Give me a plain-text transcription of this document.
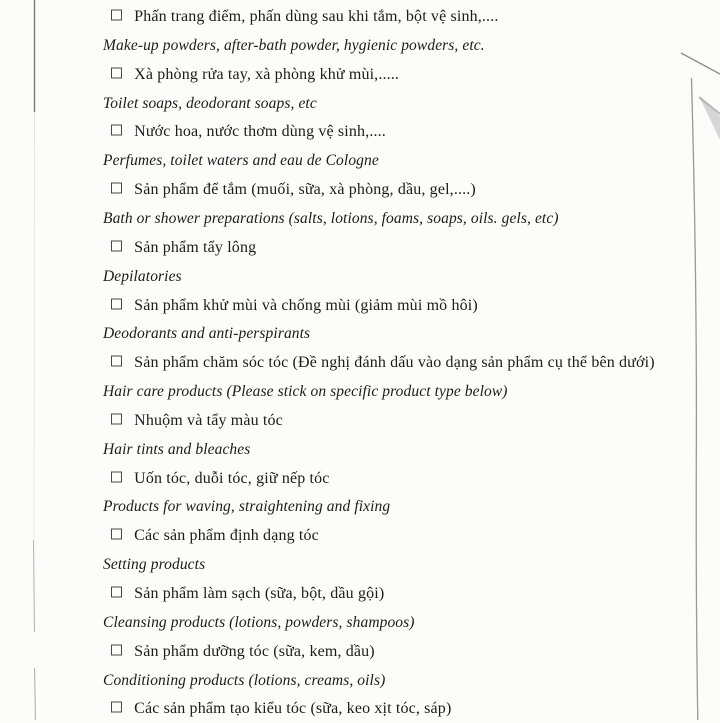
Phấn trang điểm, phấn dùng sau khi tắm, bột vệ sinh,....
Make-up powders, after-bath powder, hygienic powders, etc.
Xà phòng rửa tay, xà phòng khử mùi,.....
Toilet soaps, deodorant soaps, etc
Nước hoa, nước thơm dùng vệ sinh,....
Perfumes, toilet waters and eau de Cologne
Sản phẩm để tắm (muối, sữa, xà phòng, dầu, gel,....)
Bath or shower preparations (salts, lotions, foams, soaps, oils. gels, etc)
Sản phẩm tẩy lông
Depilatories
Sản phẩm khử mùi và chống mùi (giảm mùi mồ hôi)
Deodorants and anti-perspirants
Sản phẩm chăm sóc tóc (Đề nghị đánh dấu vào dạng sản phẩm cụ thể bên dưới)
Hair care products (Please stick on specific product type below)
Nhuộm và tẩy màu tóc
Hair tints and bleaches
Uốn tóc, duỗi tóc, giữ nếp tóc
Products for waving, straightening and fixing
Các sản phẩm định dạng tóc
Setting products
Sản phẩm làm sạch (sữa, bột, dầu gội)
Cleansing products (lotions, powders, shampoos)
Sản phẩm dưỡng tóc (sữa, kem, dầu)
Conditioning products (lotions, creams, oils)
Các sản phẩm tạo kiểu tóc (sữa, keo xịt tóc, sáp)
